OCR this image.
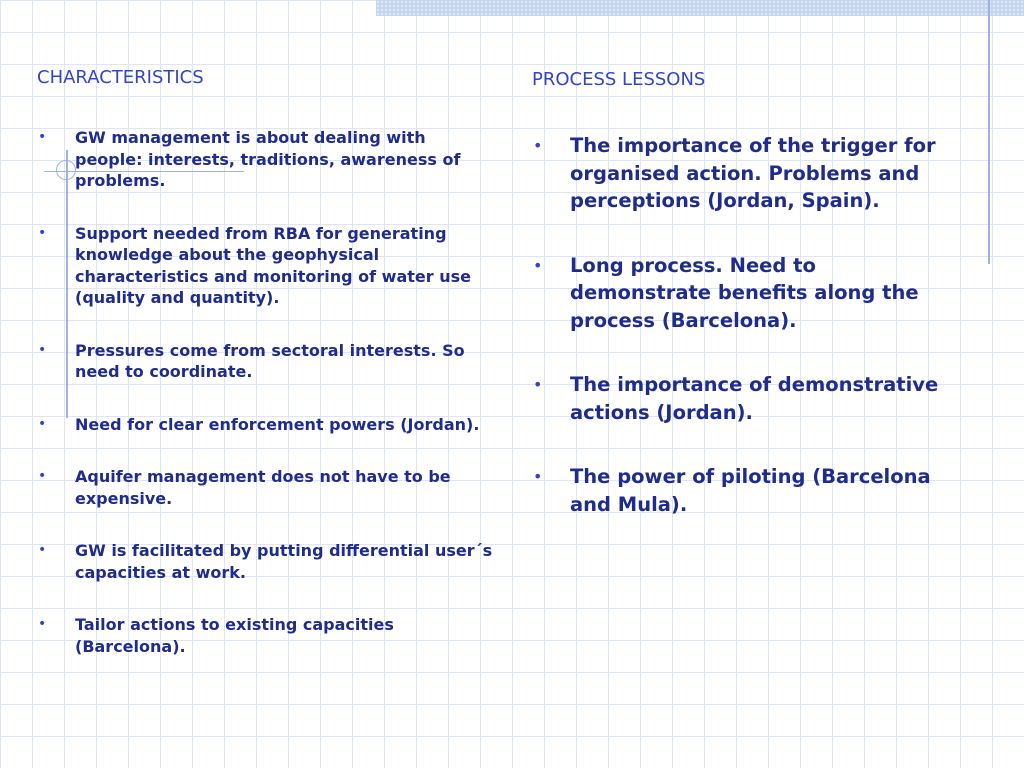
CHARACTERISTICS
• GW management is about dealing with people: interests, traditions, awareness of problems.
• Support needed from RBA for generating knowledge about the geophysical characteristics and monitoring of water use (quality and quantity).
• Pressures come from sectoral interests. So need to coordinate.
• Need for clear enforcement powers (Jordan).
• Aquifer management does not have to be expensive.
• GW is facilitated by putting differential user´s capacities at work.
• Tailor actions to existing capacities (Barcelona).
PROCESS LESSONS
• The importance of the trigger for organised action. Problems and perceptions (Jordan, Spain).
• Long process. Need to demonstrate benefits along the process (Barcelona).
• The importance of demonstrative actions (Jordan).
• The power of piloting (Barcelona and Mula).
